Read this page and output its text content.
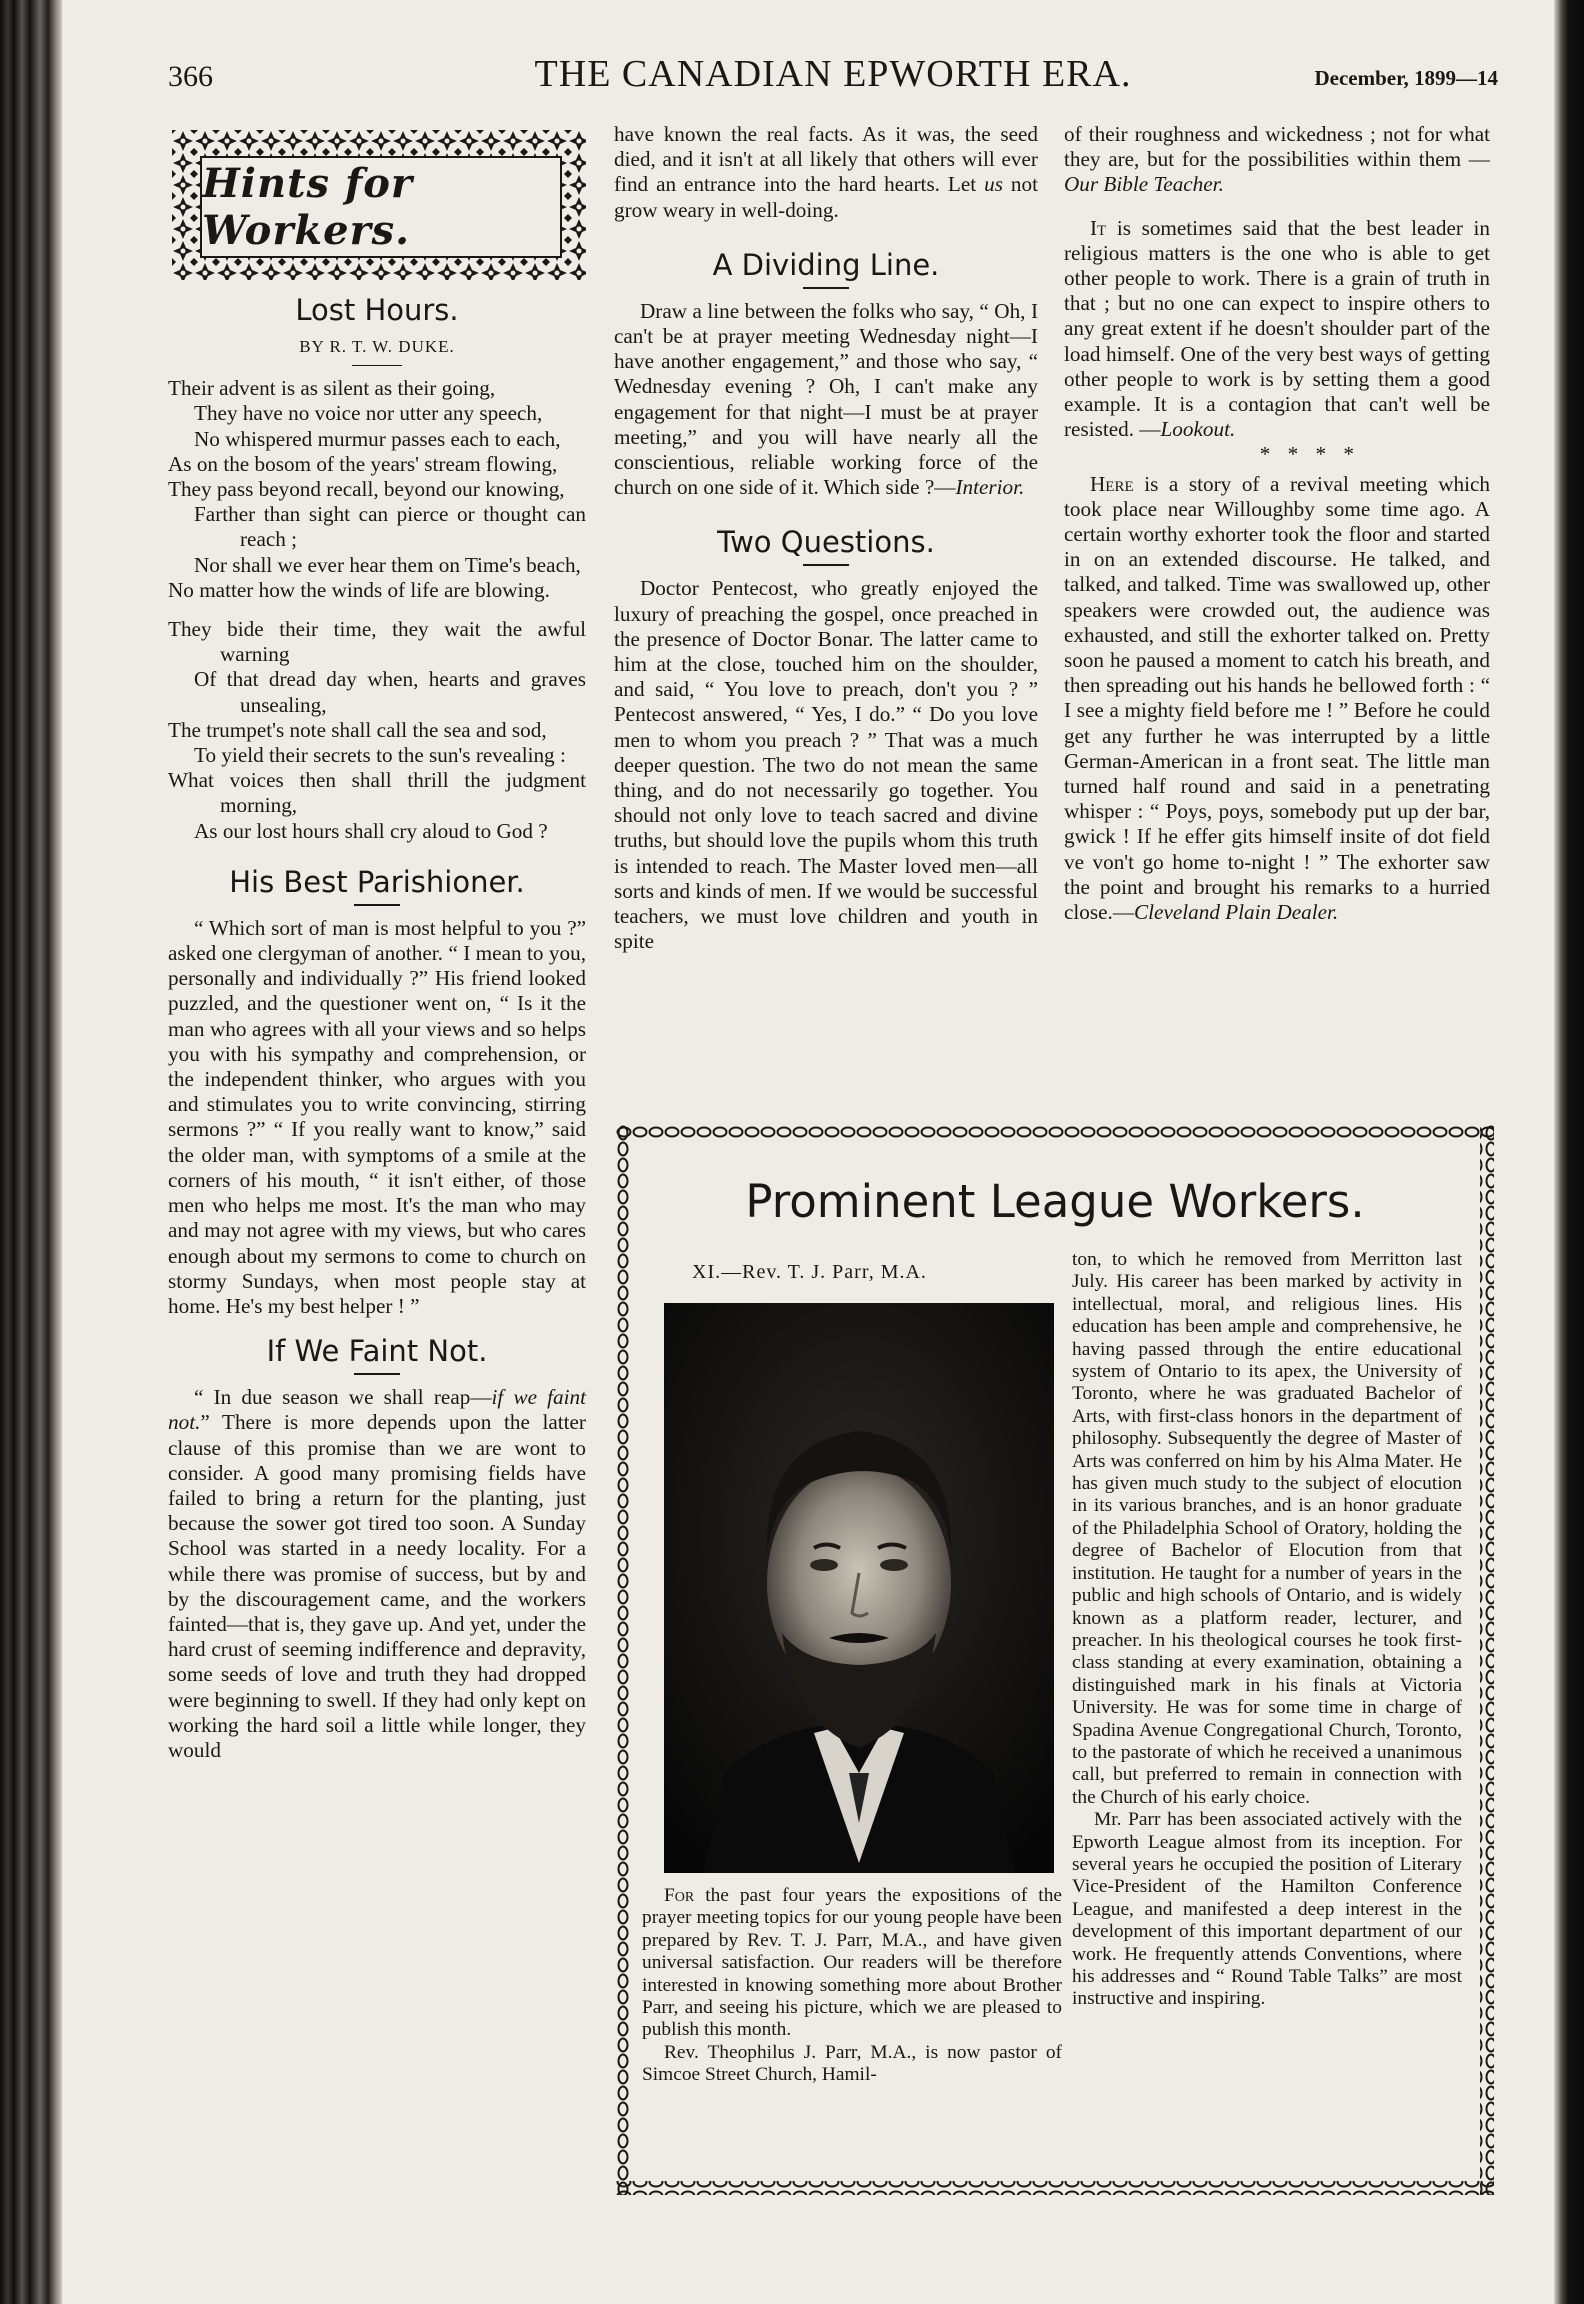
366	THE CANADIAN EPWORTH ERA.	December, 1899—14
Hints for Workers.
Lost Hours.
BY R. T. W. DUKE.

Their advent is as silent as their going,

They have no voice nor utter any speech,

No whispered murmur passes each to each,

As on the bosom of the years' stream flowing,

They pass beyond recall, beyond our knowing,

Farther than sight can pierce or thought can reach ;

Nor shall we ever hear them on Time's beach,

No matter how the winds of life are blowing.

They bide their time, they wait the awful warning

Of that dread day when, hearts and graves unsealing,

The trumpet's note shall call the sea and sod,

To yield their secrets to the sun's revealing :

What voices then shall thrill the judgment morning,

As our lost hours shall cry aloud to God ?

His Best Parishioner.

“ Which sort of man is most helpful to you ?” asked one clergyman of another. “ I mean to you, personally and individually ?” His friend looked puzzled, and the questioner went on, “ Is it the man who agrees with all your views and so helps you with his sympathy and comprehension, or the independent thinker, who argues with you and stimulates you to write convincing, stirring sermons ?” “ If you really want to know,” said the older man, with symptoms of a smile at the corners of his mouth, “ it isn't either, of those men who helps me most. It's the man who may and may not agree with my views, but who cares enough about my sermons to come to church on stormy Sundays, when most people stay at home. He's my best helper ! ”

If We Faint Not.

“ In due season we shall reap—if we faint not.” There is more depends upon the latter clause of this promise than we are wont to consider. A good many promising fields have failed to bring a return for the planting, just because the sower got tired too soon. A Sunday School was started in a needy locality. For a while there was promise of success, but by and by the discouragement came, and the workers fainted—that is, they gave up. And yet, under the hard crust of seeming indifference and depravity, some seeds of love and truth they had dropped were beginning to swell. If they had only kept on working the hard soil a little while longer, they would

have known the real facts. As it was, the seed died, and it isn't at all likely that others will ever find an entrance into the hard hearts. Let us not grow weary in well-doing.

A Dividing Line.

Draw a line between the folks who say, “ Oh, I can't be at prayer meeting Wednesday night—I have another engagement,” and those who say, “ Wednesday evening ? Oh, I can't make any engagement for that night—I must be at prayer meeting,” and you will have nearly all the conscientious, reliable working force of the church on one side of it. Which side ?—Interior.

Two Questions.

Doctor Pentecost, who greatly enjoyed the luxury of preaching the gospel, once preached in the presence of Doctor Bonar. The latter came to him at the close, touched him on the shoulder, and said, “ You love to preach, don't you ? ” Pentecost answered, “ Yes, I do.” “ Do you love men to whom you preach ? ” That was a much deeper question. The two do not mean the same thing, and do not necessarily go together. You should not only love to teach sacred and divine truths, but should love the pupils whom this truth is intended to reach. The Master loved men—all sorts and kinds of men. If we would be successful teachers, we must love children and youth in spite

of their roughness and wickedness ; not for what they are, but for the possibilities within them —Our Bible Teacher.

It is sometimes said that the best leader in religious matters is the one who is able to get other people to work. There is a grain of truth in that ; but no one can expect to inspire others to any great extent if he doesn't shoulder part of the load himself. One of the very best ways of getting other people to work is by setting them a good example. It is a contagion that can't well be resisted. —Lookout.

* * * *

Here is a story of a revival meeting which took place near Willoughby some time ago. A certain worthy exhorter took the floor and started in on an extended discourse. He talked, and talked, and talked. Time was swallowed up, other speakers were crowded out, the audience was exhausted, and still the exhorter talked on. Pretty soon he paused a moment to catch his breath, and then spreading out his hands he bellowed forth : “ I see a mighty field before me ! ” Before he could get any further he was interrupted by a little German-American in a front seat. The little man turned half round and said in a penetrating whisper : “ Poys, poys, somebody put up der bar, gwick ! If he effer gits himself insite of dot field ve von't go home to-night ! ” The exhorter saw the point and brought his remarks to a hurried close.—Cleveland Plain Dealer.

Prominent League Workers.
XI.—Rev. T. J. Parr, M.A.

For the past four years the expositions of the prayer meeting topics for our young people have been prepared by Rev. T. J. Parr, M.A., and have given universal satisfaction. Our readers will be therefore interested in knowing something more about Brother Parr, and seeing his picture, which we are pleased to publish this month.

Rev. Theophilus J. Parr, M.A., is now pastor of Simcoe Street Church, Hamil-

ton, to which he removed from Merritton last July. His career has been marked by activity in intellectual, moral, and religious lines. His education has been ample and comprehensive, he having passed through the entire educational system of Ontario to its apex, the University of Toronto, where he was graduated Bachelor of Arts, with first-class honors in the department of philosophy. Subsequently the degree of Master of Arts was conferred on him by his Alma Mater. He has given much study to the subject of elocution in its various branches, and is an honor graduate of the Philadelphia School of Oratory, holding the degree of Bachelor of Elocution from that institution. He taught for a number of years in the public and high schools of Ontario, and is widely known as a platform reader, lecturer, and preacher. In his theological courses he took first-class standing at every examination, obtaining a distinguished mark in his finals at Victoria University. He was for some time in charge of Spadina Avenue Congregational Church, Toronto, to the pastorate of which he received a unanimous call, but preferred to remain in connection with the Church of his early choice.

Mr. Parr has been associated actively with the Epworth League almost from its inception. For several years he occupied the position of Literary Vice-President of the Hamilton Conference League, and manifested a deep interest in the development of this important department of our work. He frequently attends Conventions, where his addresses and “ Round Table Talks” are most instructive and inspiring.
